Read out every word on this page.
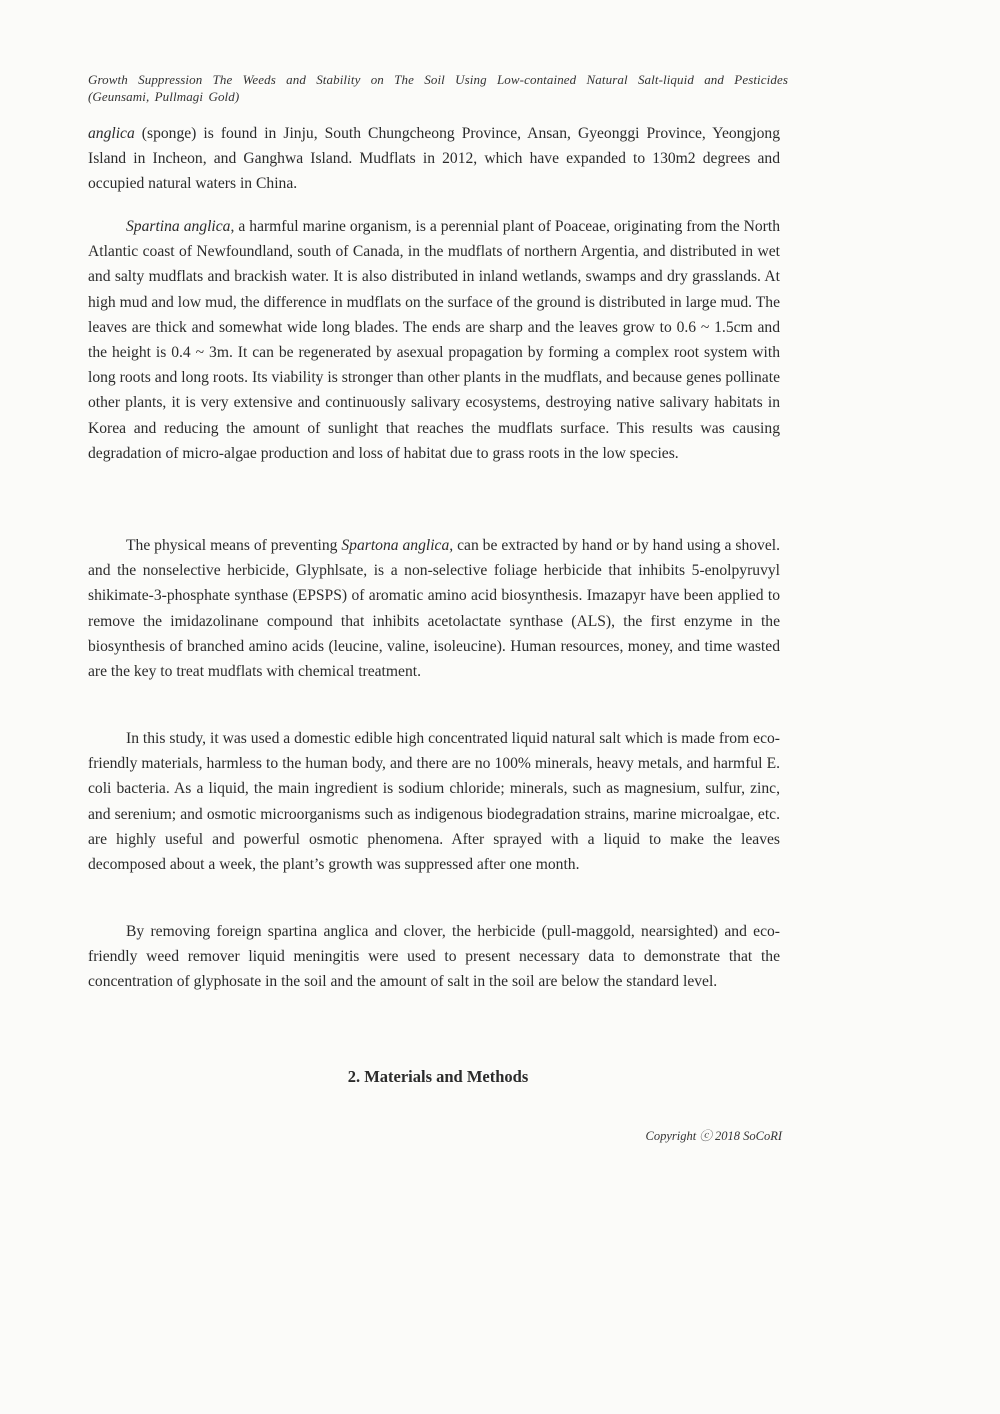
Growth Suppression The Weeds and Stability on The Soil Using Low-contained Natural Salt-liquid and Pesticides
(Geunsami, Pullmagi Gold)

anglica (sponge) is found in Jinju, South Chungcheong Province, Ansan, Gyeonggi Province, Yeongjong Island in Incheon, and Ganghwa Island. Mudflats in 2012, which have expanded to 130m2 degrees and occupied natural waters in China.

Spartina anglica, a harmful marine organism, is a perennial plant of Poaceae, originating from the North Atlantic coast of Newfoundland, south of Canada, in the mudflats of northern Argentia, and distributed in wet and salty mudflats and brackish water. It is also distributed in inland wetlands, swamps and dry grasslands. At high mud and low mud, the difference in mudflats on the surface of the ground is distributed in large mud. The leaves are thick and somewhat wide long blades. The ends are sharp and the leaves grow to 0.6 ~ 1.5cm and the height is 0.4 ~ 3m. It can be regenerated by asexual propagation by forming a complex root system with long roots and long roots. Its viability is stronger than other plants in the mudflats, and because genes pollinate other plants, it is very extensive and continuously salivary ecosystems, destroying native salivary habitats in Korea and reducing the amount of sunlight that reaches the mudflats surface. This results was causing degradation of micro-algae production and loss of habitat due to grass roots in the low species.

The physical means of preventing Spartona anglica, can be extracted by hand or by hand using a shovel. and the nonselective herbicide, Glyphlsate, is a non-selective foliage herbicide that inhibits 5-enolpyruvyl shikimate-3-phosphate synthase (EPSPS) of aromatic amino acid biosynthesis. Imazapyr have been applied to remove the imidazolinane compound that inhibits acetolactate synthase (ALS), the first enzyme in the biosynthesis of branched amino acids (leucine, valine, isoleucine). Human resources, money, and time wasted are the key to treat mudflats with chemical treatment.

In this study, it was used a domestic edible high concentrated liquid natural salt which is made from eco-friendly materials, harmless to the human body, and there are no 100% minerals, heavy metals, and harmful E. coli bacteria. As a liquid, the main ingredient is sodium chloride; minerals, such as magnesium, sulfur, zinc, and serenium; and osmotic microorganisms such as indigenous biodegradation strains, marine microalgae, etc. are highly useful and powerful osmotic phenomena. After sprayed with a liquid to make the leaves decomposed about a week, the plant’s growth was suppressed after one month.

By removing foreign spartina anglica and clover, the herbicide (pull-maggold, nearsighted) and eco-friendly weed remover liquid meningitis were used to present necessary data to demonstrate that the concentration of glyphosate in the soil and the amount of salt in the soil are below the standard level.

2. Materials and Methods
Copyright ⓒ 2018 SoCoRI
